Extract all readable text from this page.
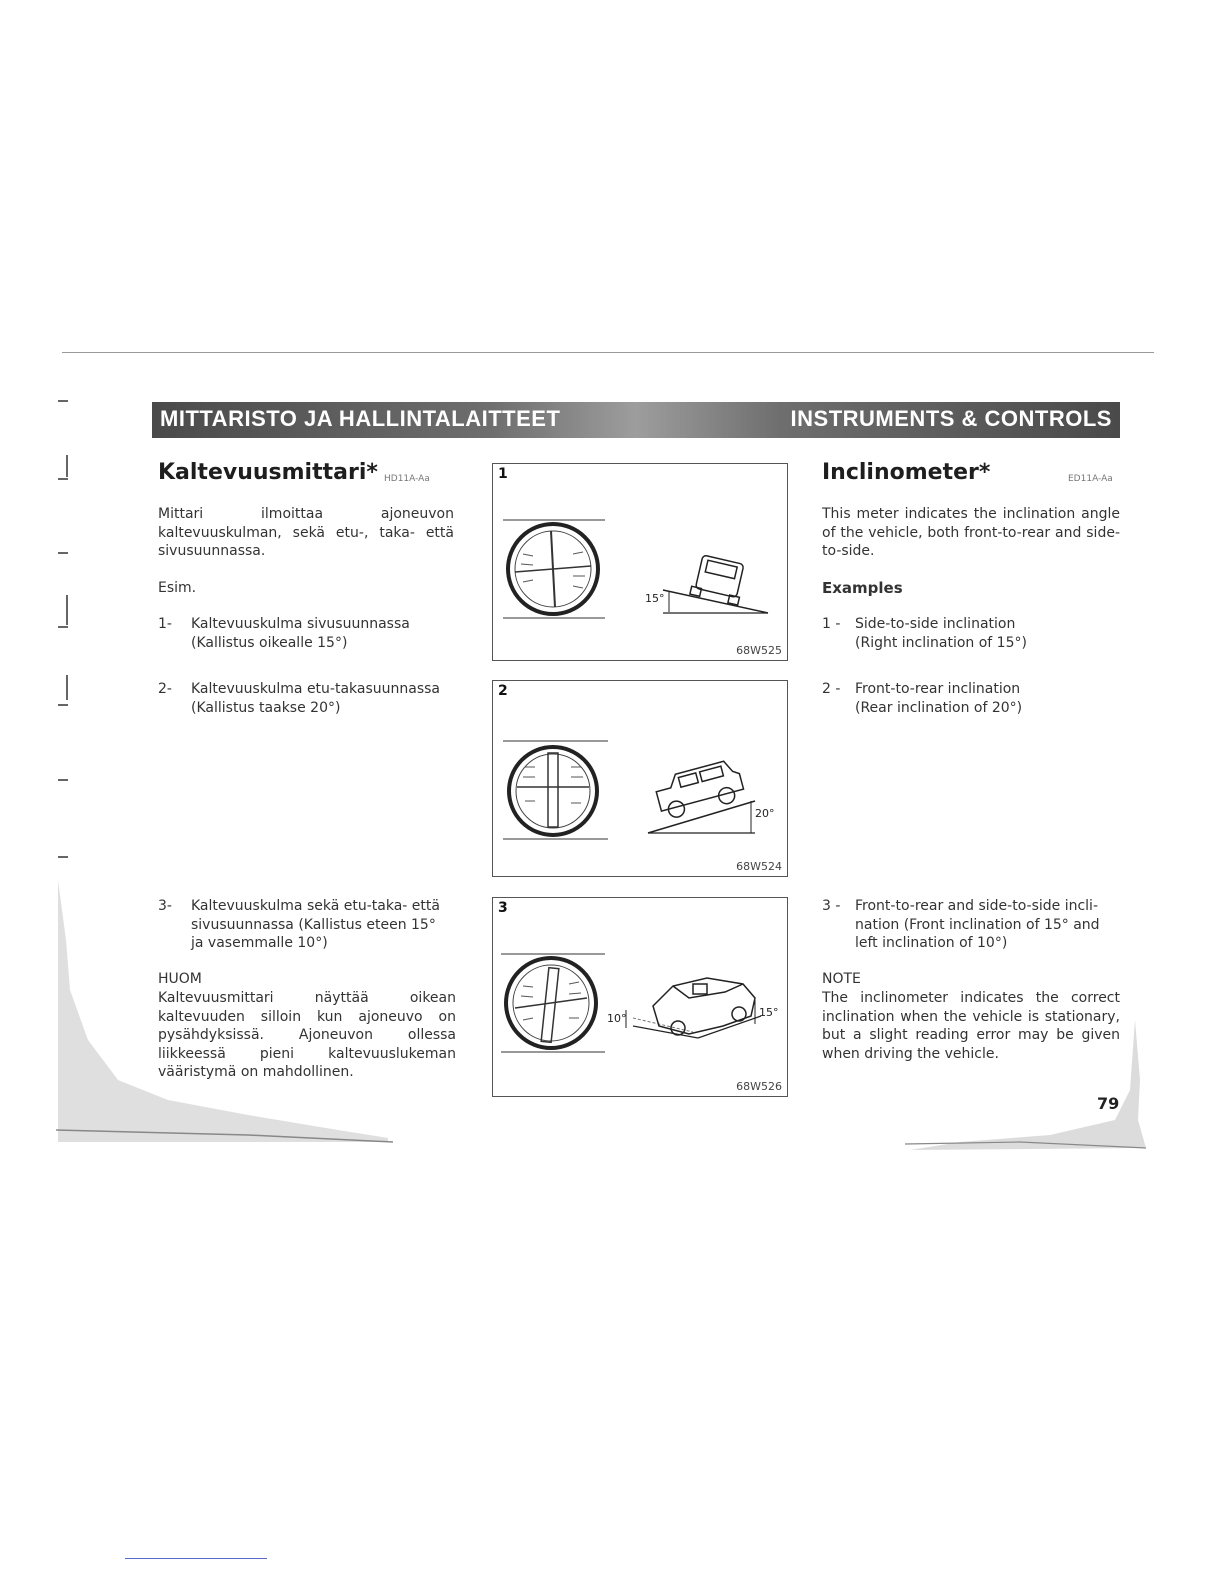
MITTARISTO JA HALLINTALAITTEET	INSTRUMENTS & CONTROLS
Kaltevuusmittari* HD11A-Aa
Mittari ilmoittaa ajoneuvon kaltevuuskulman, sekä etu-, taka- että sivusuunnassa.
Esim.
1- Kaltevuuskulma sivusuunnassa
(Kallistus oikealle 15°)
2- Kaltevuuskulma etu-takasuunnassa
(Kallistus taakse 20°)
3- Kaltevuuskulma sekä etu-taka- että
sivusuunnassa (Kallistus eteen 15°
ja vasemmalle 10°)
HUOM
Kaltevuusmittari näyttää oikean kaltevuuden silloin kun ajoneuvo on pysähdyksissä. Ajoneuvon ollessa liikkeessä pieni kaltevuuslukeman vääristymä on mahdollinen.
15°
1
68W525
20°
2
68W524
10°	15°
3
68W526
Inclinometer*	ED11A-Aa
This meter indicates the inclination angle of the vehicle, both front-to-rear and side-to-side.
Examples
1 - Side-to-side inclination
(Right inclination of 15°)
2 - Front-to-rear inclination
(Rear inclination of 20°)
3 - Front-to-rear and side-to-side incli-
nation (Front inclination of 15° and
left inclination of 10°)
NOTE
The inclinometer indicates the correct inclination when the vehicle is stationary, but a slight reading error may be given when driving the vehicle.
79
